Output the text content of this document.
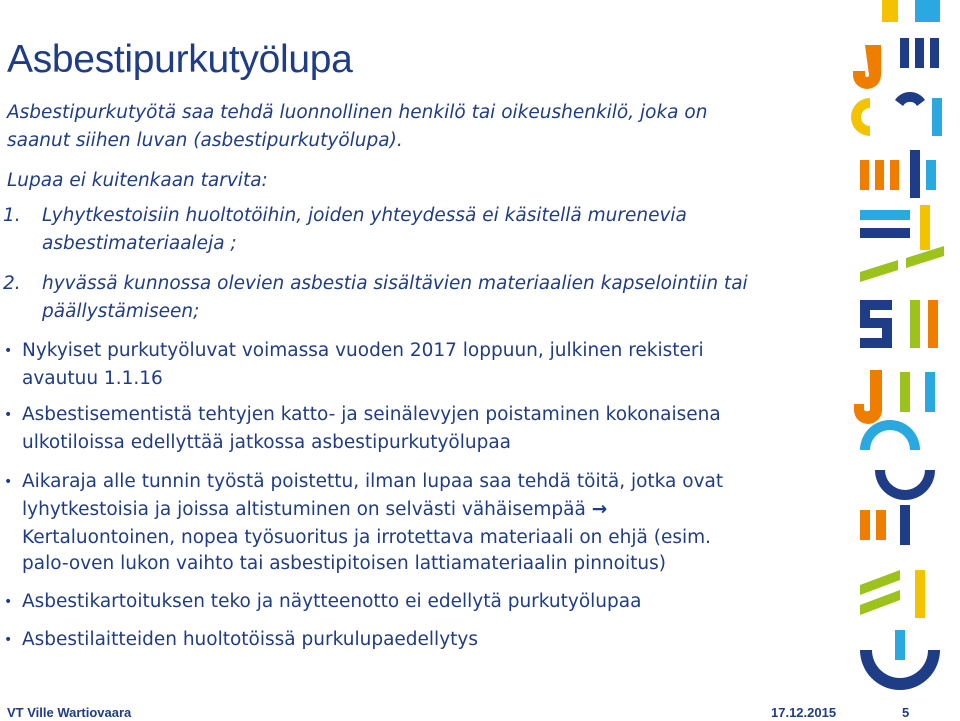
Asbestipurkutyölupa
Asbestipurkutyötä saa tehdä luonnollinen henkilö tai oikeushenkilö, joka on
saanut siihen luvan (asbestipurkutyölupa).
Lupaa ei kuitenkaan tarvita:
1. Lyhytkestoisiin huoltotöihin, joiden yhteydessä ei käsitellä murenevia
asbestimateriaaleja ;
2. hyvässä kunnossa olevien asbestia sisältävien materiaalien kapselointiin tai
päällystämiseen;
• Nykyiset purkutyöluvat voimassa vuoden 2017 loppuun, julkinen rekisteri
avautuu 1.1.16
• Asbestisementistä tehtyjen katto- ja seinälevyjen poistaminen kokonaisena
ulkotiloissa edellyttää jatkossa asbestipurkutyölupaa
• Aikaraja alle tunnin työstä poistettu, ilman lupaa saa tehdä töitä, jotka ovat
lyhytkestoisia ja joissa altistuminen on selvästi vähäisempää →
Kertaluontoinen, nopea työsuoritus ja irrotettava materiaali on ehjä (esim.
palo-oven lukon vaihto tai asbestipitoisen lattiamateriaalin pinnoitus)
• Asbestikartoituksen teko ja näytteenotto ei edellytä purkutyölupaa
• Asbestilaitteiden huoltotöissä purkulupaedellytys
VT Ville Wartiovaara	17.12.2015	5
